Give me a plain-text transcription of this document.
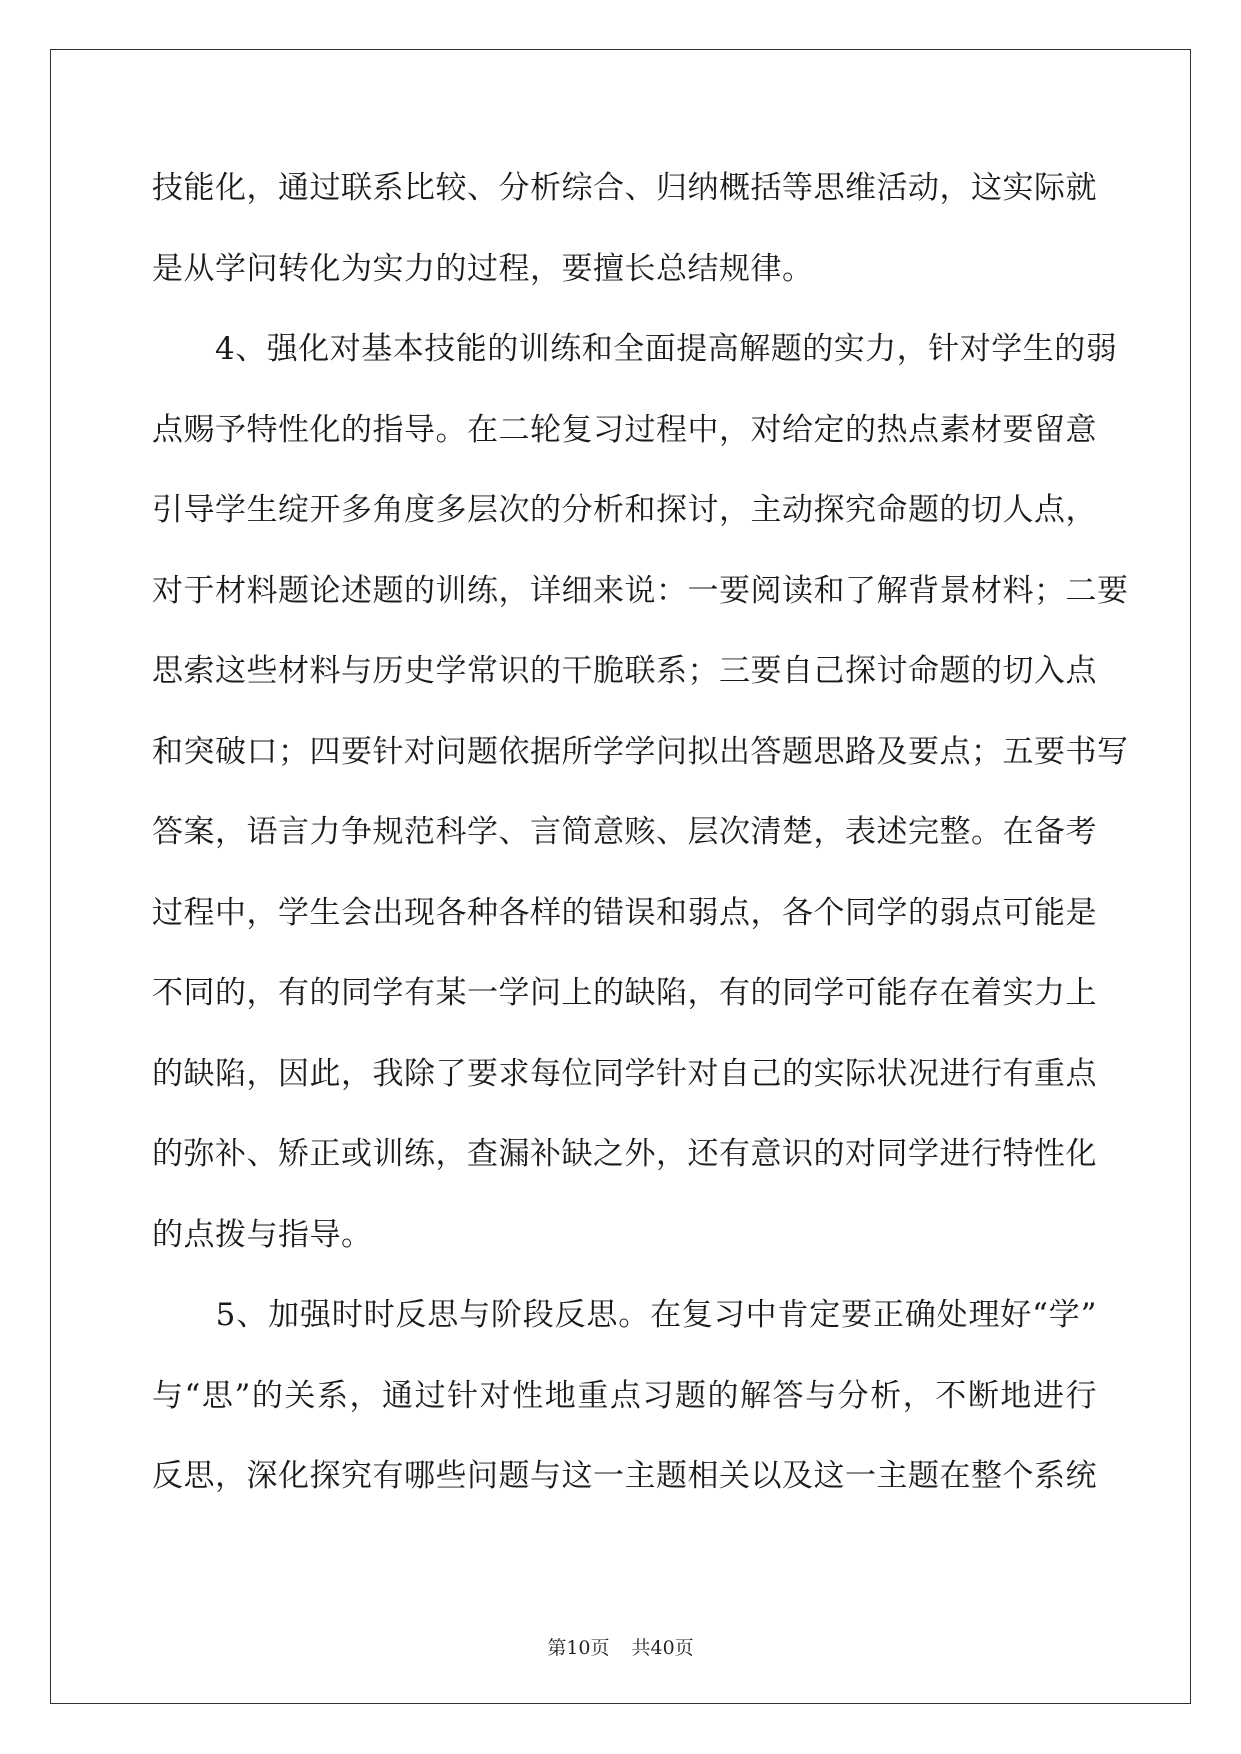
技能化，通过联系比较、分析综合、归纳概括等思维活动，这实际就
是从学问转化为实力的过程，要擅长总结规律。
　　4、强化对基本技能的训练和全面提高解题的实力，针对学生的弱
点赐予特性化的指导。在二轮复习过程中，对给定的热点素材要留意
引导学生绽开多角度多层次的分析和探讨，主动探究命题的切人点，
对于材料题论述题的训练，详细来说：一要阅读和了解背景材料；二要
思索这些材料与历史学常识的干脆联系；三要自己探讨命题的切入点
和突破口；四要针对问题依据所学学问拟出答题思路及要点；五要书写
答案，语言力争规范科学、言简意赅、层次清楚，表述完整。在备考
过程中，学生会出现各种各样的错误和弱点，各个同学的弱点可能是
不同的，有的同学有某一学问上的缺陷，有的同学可能存在着实力上
的缺陷，因此，我除了要求每位同学针对自己的实际状况进行有重点
的弥补、矫正或训练，查漏补缺之外，还有意识的对同学进行特性化
的点拨与指导。
　　5、加强时时反思与阶段反思。在复习中肯定要正确处理好“学”
与“思”的关系，通过针对性地重点习题的解答与分析，不断地进行
反思，深化探究有哪些问题与这一主题相关以及这一主题在整个系统
第10页 共40页
